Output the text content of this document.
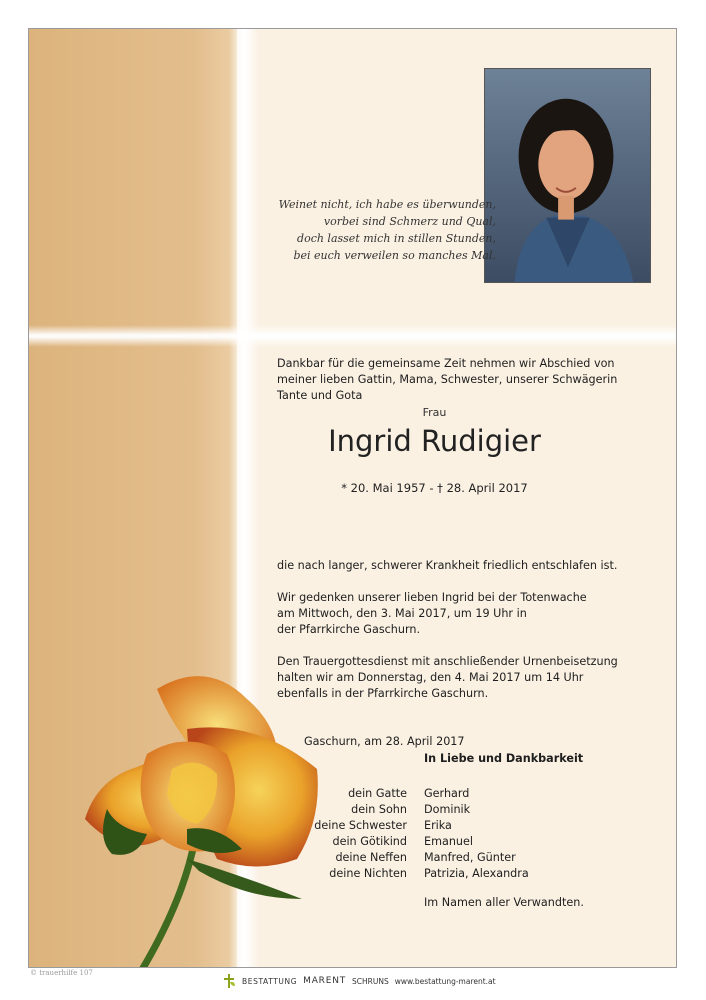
Weinet nicht, ich habe es überwunden,
vorbei sind Schmerz und Qual,
doch lasset mich in stillen Stunden,
bei euch verweilen so manches Mal.
Dankbar für die gemeinsame Zeit nehmen wir Abschied von
meiner lieben Gattin, Mama, Schwester, unserer Schwägerin
Tante und Gota
Frau
Ingrid Rudigier
* 20. Mai 1957 - † 28. April 2017
die nach langer, schwerer Krankheit friedlich entschlafen ist.
Wir gedenken unserer lieben Ingrid bei der Totenwache
am Mittwoch, den 3. Mai 2017, um 19 Uhr in
der Pfarrkirche Gaschurn.
Den Trauergottesdienst mit anschließender Urnenbeisetzung
halten wir am Donnerstag, den 4. Mai 2017 um 14 Uhr
ebenfalls in der Pfarrkirche Gaschurn.
Gaschurn, am 28. April 2017
In Liebe und Dankbarkeit
dein Gatte
dein Sohn
deine Schwester
dein Götikind
deine Neffen
deine Nichten
Gerhard
Dominik
Erika
Emanuel
Manfred, Günter
Patrizia, Alexandra
Im Namen aller Verwandten.
© trauerhilfe 107
BESTATTUNG MARENT SCHRUNS www.bestattung-marent.at
